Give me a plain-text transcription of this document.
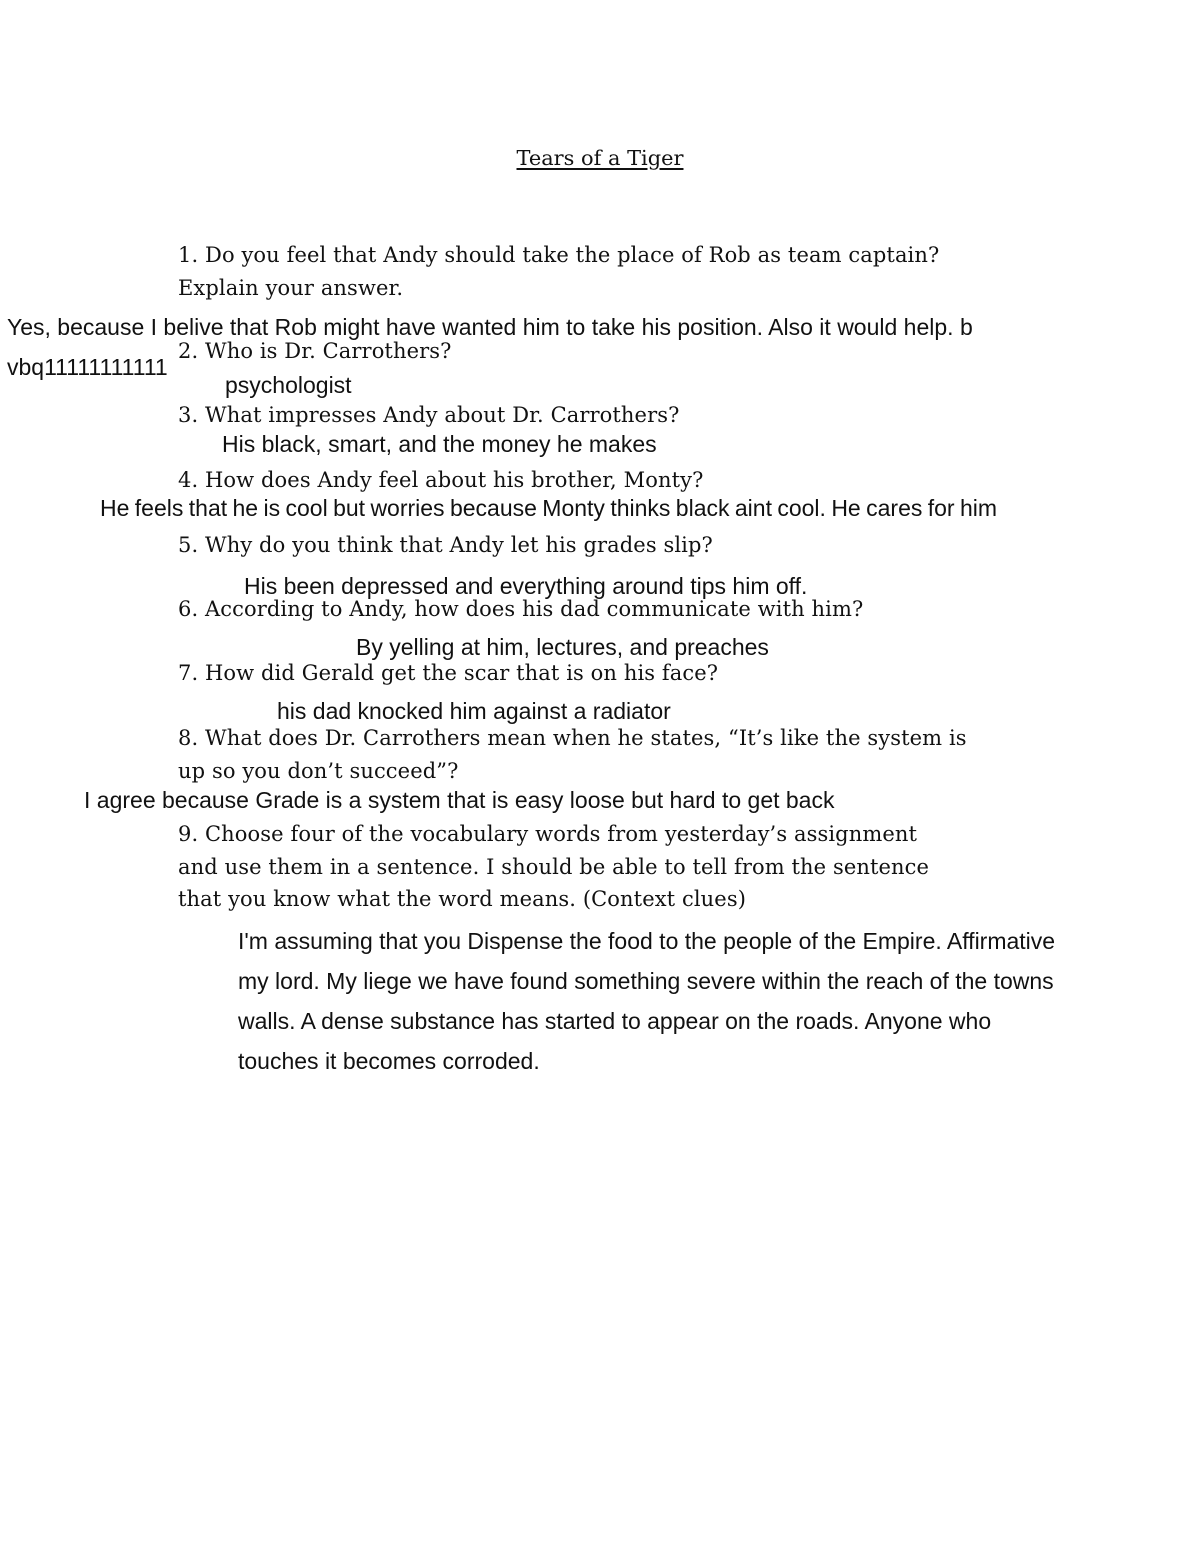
Tears of a Tiger
1. Do you feel that Andy should take the place of Rob as team captain?
Explain your answer.
Yes, because I belive that Rob might have wanted him to take his position. Also it would help. b
vbq11111111111
2. Who is Dr. Carrothers?
psychologist
3. What impresses Andy about Dr. Carrothers?
His black, smart, and the money he makes
4. How does Andy feel about his brother, Monty?
He feels that he is cool but worries because Monty thinks black aint cool. He cares for him
5. Why do you think that Andy let his grades slip?
His been depressed and everything around tips him off.
6. According to Andy, how does his dad communicate with him?
By yelling at him, lectures, and preaches
7. How did Gerald get the scar that is on his face?
his dad knocked him against a radiator
8. What does Dr. Carrothers mean when he states, “It’s like the system is
up so you don’t succeed”?
I agree because Grade is a system that is easy loose but hard to get back
9. Choose four of the vocabulary words from yesterday’s assignment
and use them in a sentence. I should be able to tell from the sentence
that you know what the word means. (Context clues)
I'm assuming that you Dispense the food to the people of the Empire. Affirmative
my lord. My liege we have found something severe within the reach of the towns
walls. A dense substance has started to appear on the roads. Anyone who
touches it becomes corroded.
